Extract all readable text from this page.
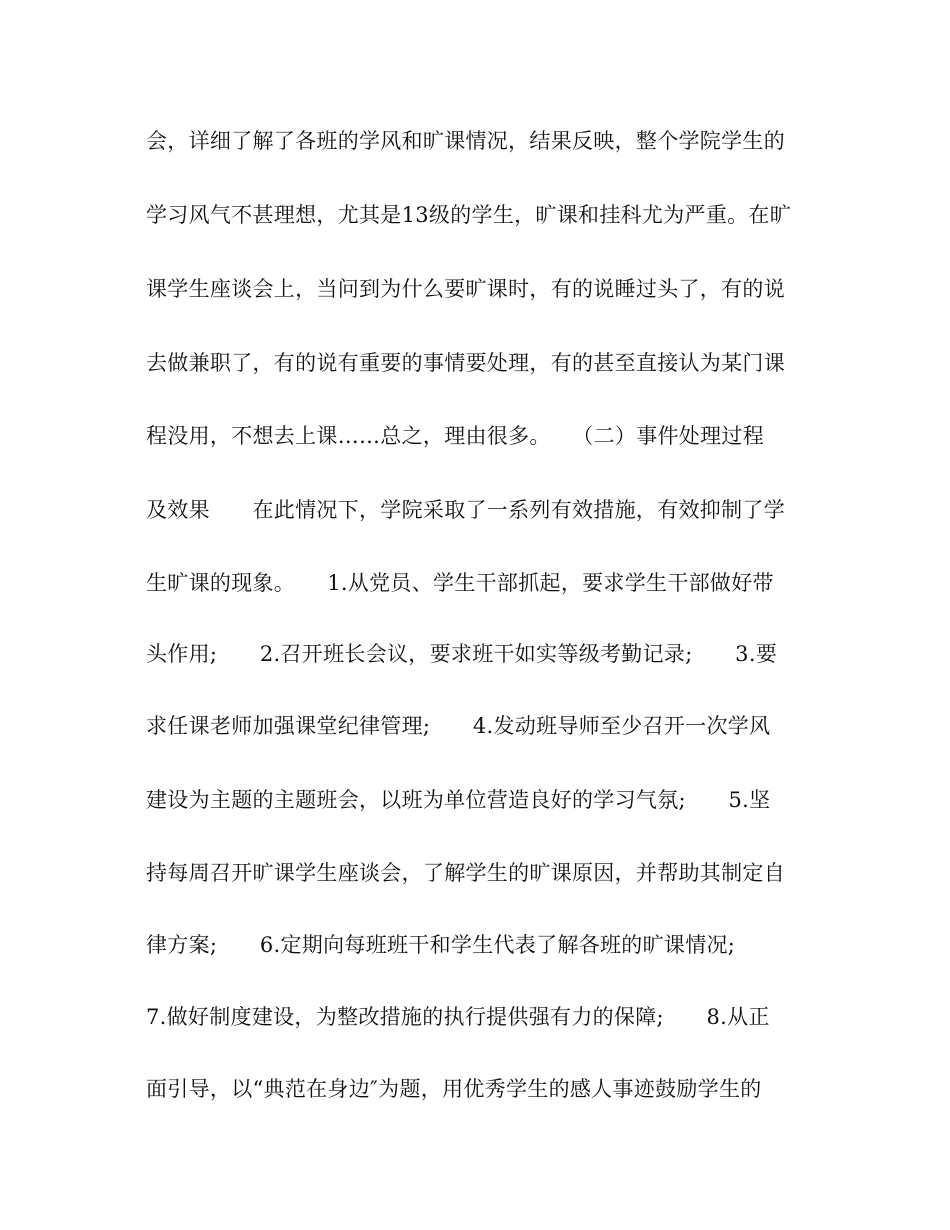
会，详细了解了各班的学风和旷课情况，结果反映，整个学院学生的
学习风气不甚理想，尤其是13级的学生，旷课和挂科尤为严重。在旷
课学生座谈会上，当问到为什么要旷课时，有的说睡过头了，有的说
去做兼职了，有的说有重要的事情要处理，有的甚至直接认为某门课
程没用，不想去上课……总之，理由很多。　　（二）事件处理过程
及效果　　在此情况下，学院采取了一系列有效措施，有效抑制了学
生旷课的现象。　　1.从党员、学生干部抓起，要求学生干部做好带
头作用;　　2.召开班长会议，要求班干如实等级考勤记录;　　3.要
求任课老师加强课堂纪律管理;　　4.发动班导师至少召开一次学风
建设为主题的主题班会，以班为单位营造良好的学习气氛;　　5.坚
持每周召开旷课学生座谈会，了解学生的旷课原因，并帮助其制定自
律方案;　　6.定期向每班班干和学生代表了解各班的旷课情况;
7.做好制度建设，为整改措施的执行提供强有力的保障;　　8.从正
面引导，以“典范在身边″为题，用优秀学生的感人事迹鼓励学生的
